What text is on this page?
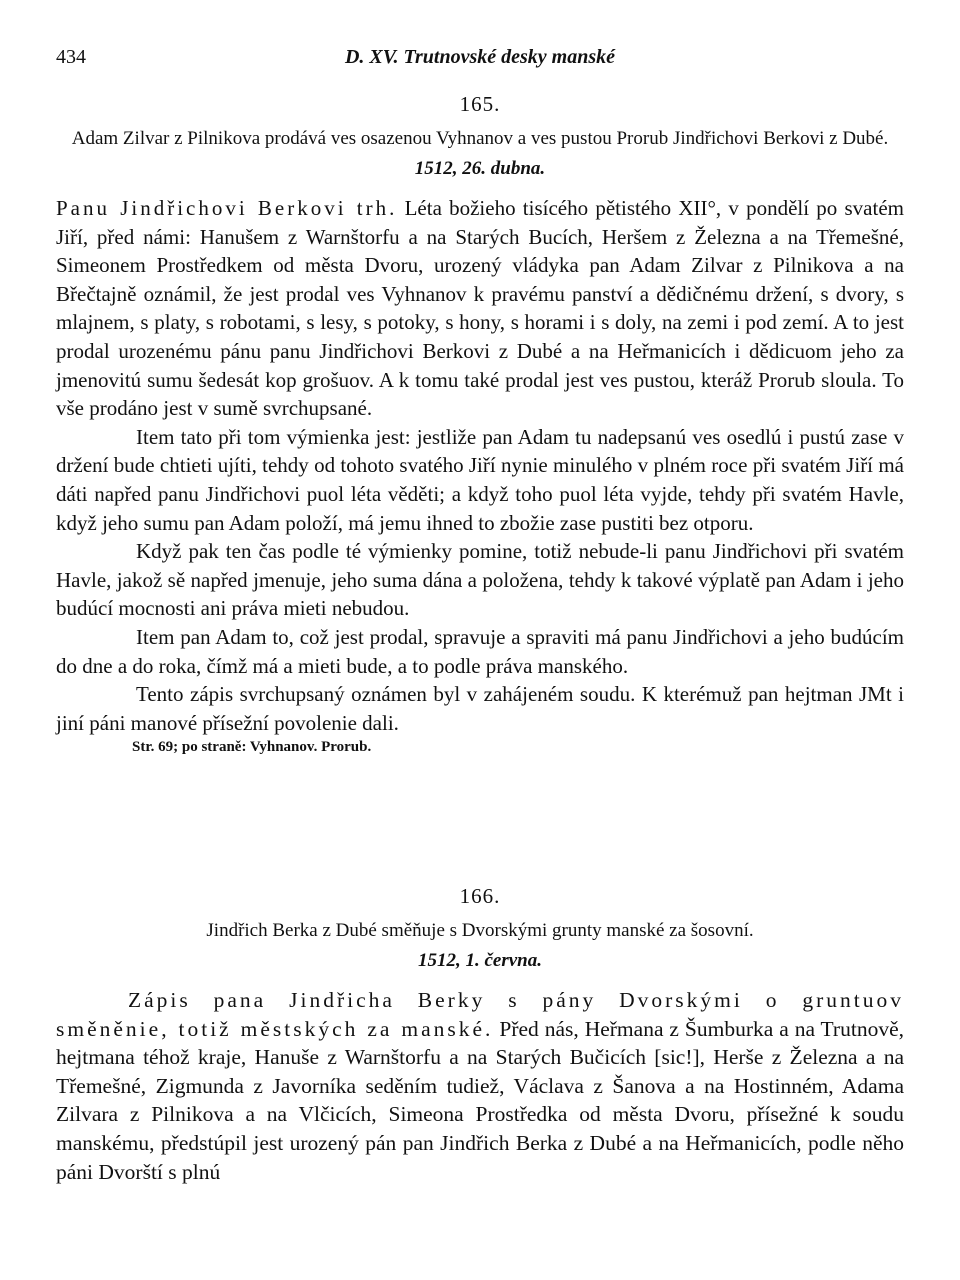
434	D. XV. Trutnovské desky manské
165.
Adam Zilvar z Pilnikova prodává ves osazenou Vyhnanov a ves pustou Prorub Jindřichovi Berkovi z Dubé.
1512, 26. dubna.

Panu Jindřichovi Berkovi trh. Léta božieho tisícého pětistého XII°, v pondělí po svatém Jiří, před námi: Hanušem z Warnštorfu a na Starých Bucích, Heršem z Železna a na Třemešné, Simeonem Prostředkem od města Dvoru, urozený vládyka pan Adam Zilvar z Pilnikova a na Břečtajně oznámil, že jest prodal ves Vyhnanov k pravému panství a dědičnému držení, s dvory, s mlajnem, s platy, s robotami, s lesy, s potoky, s hony, s horami i s doly, na zemi i pod zemí. A to jest prodal urozenému pánu panu Jindřichovi Berkovi z Dubé a na Heřmanicích i dědicuom jeho za jmenovitú sumu šedesát kop grošuov. A k tomu také prodal jest ves pustou, kteráž Prorub sloula. To vše prodáno jest v sumě svrchupsané.

Item tato při tom výmienka jest: jestliže pan Adam tu nadepsanú ves osedlú i pustú zase v držení bude chtieti ujíti, tehdy od tohoto svatého Jiří nynie minulého v plném roce při svatém Jiří má dáti napřed panu Jindřichovi puol léta věděti; a když toho puol léta vyjde, tehdy při svatém Havle, když jeho sumu pan Adam položí, má jemu ihned to zbožie zase pustiti bez otporu.

Když pak ten čas podle té výmienky pomine, totiž nebude-li panu Jindřichovi při svatém Havle, jakož sě napřed jmenuje, jeho suma dána a položena, tehdy k takové výplatě pan Adam i jeho budúcí mocnosti ani práva mieti nebudou.

Item pan Adam to, což jest prodal, spravuje a spraviti má panu Jindřichovi a jeho budúcím do dne a do roka, čímž má a mieti bude, a to podle práva manského.

Tento zápis svrchupsaný oznámen byl v zahájeném soudu. K kterémuž pan hejtman JMt i jiní páni manové přísežní povolenie dali.

Str. 69; po straně: Vyhnanov. Prorub.
166.
Jindřich Berka z Dubé směňuje s Dvorskými grunty manské za šosovní.
1512, 1. června.

Zápis pana Jindřicha Berky s pány Dvorskými o gruntuov směněnie, totiž městských za manské. Před nás, Heřmana z Šumburka a na Trutnově, hejtmana téhož kraje, Hanuše z Warnštorfu a na Starých Bučicích [sic!], Herše z Železna a na Třemešné, Zigmunda z Javorníka seděním tudiež, Václava z Šanova a na Hostinném, Adama Zilvara z Pilnikova a na Vlčicích, Simeona Prostředka od města Dvoru, přísežné k soudu manskému, předstúpil jest urozený pán pan Jindřich Berka z Dubé a na Heřmanicích, podle něho páni Dvorští s plnú
